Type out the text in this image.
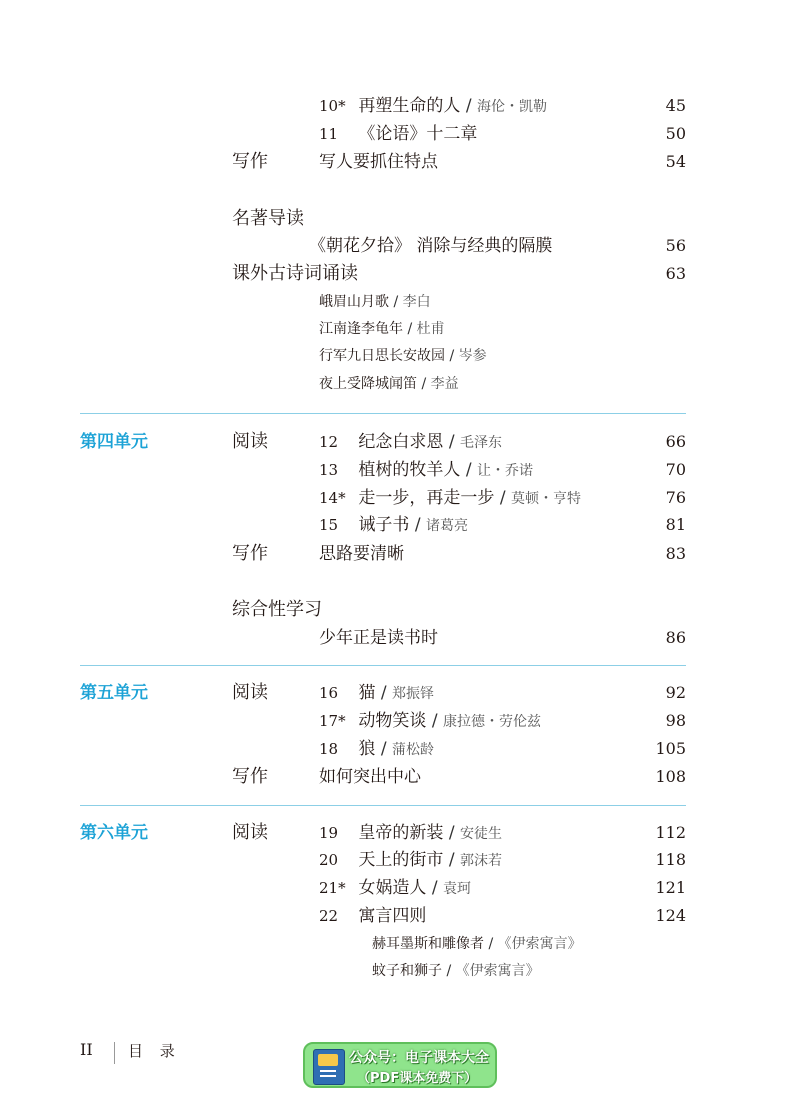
10* 再塑生命的人 / 海伦・凯勒	45
11 《论语》十二章	50
写作	写人要抓住特点	54
名著导读
《朝花夕拾》 消除与经典的隔膜	56
课外古诗词诵读	63
峨眉山月歌 / 李白
江南逢李龟年 / 杜甫
行军九日思长安故园 / 岑参
夜上受降城闻笛 / 李益
第四单元	阅读	12 纪念白求恩 / 毛泽东	66
13 植树的牧羊人 / 让・乔诺	70
14* 走一步，再走一步 / 莫顿・亨特	76
15 诫子书 / 诸葛亮	81
写作	思路要清晰	83
综合性学习
少年正是读书时	86
第五单元	阅读	16 猫 / 郑振铎	92
17* 动物笑谈 / 康拉德・劳伦兹	98
18 狼 / 蒲松龄	105
写作	如何突出中心	108
第六单元	阅读	19 皇帝的新装 / 安徒生	112
20 天上的街市 / 郭沫若	118
21* 女娲造人 / 袁珂	121
22 寓言四则	124
赫耳墨斯和雕像者 / 《伊索寓言》
蚊子和狮子 / 《伊索寓言》
II 目 录	公众号：电子课本大全
（PDF课本免费下）
